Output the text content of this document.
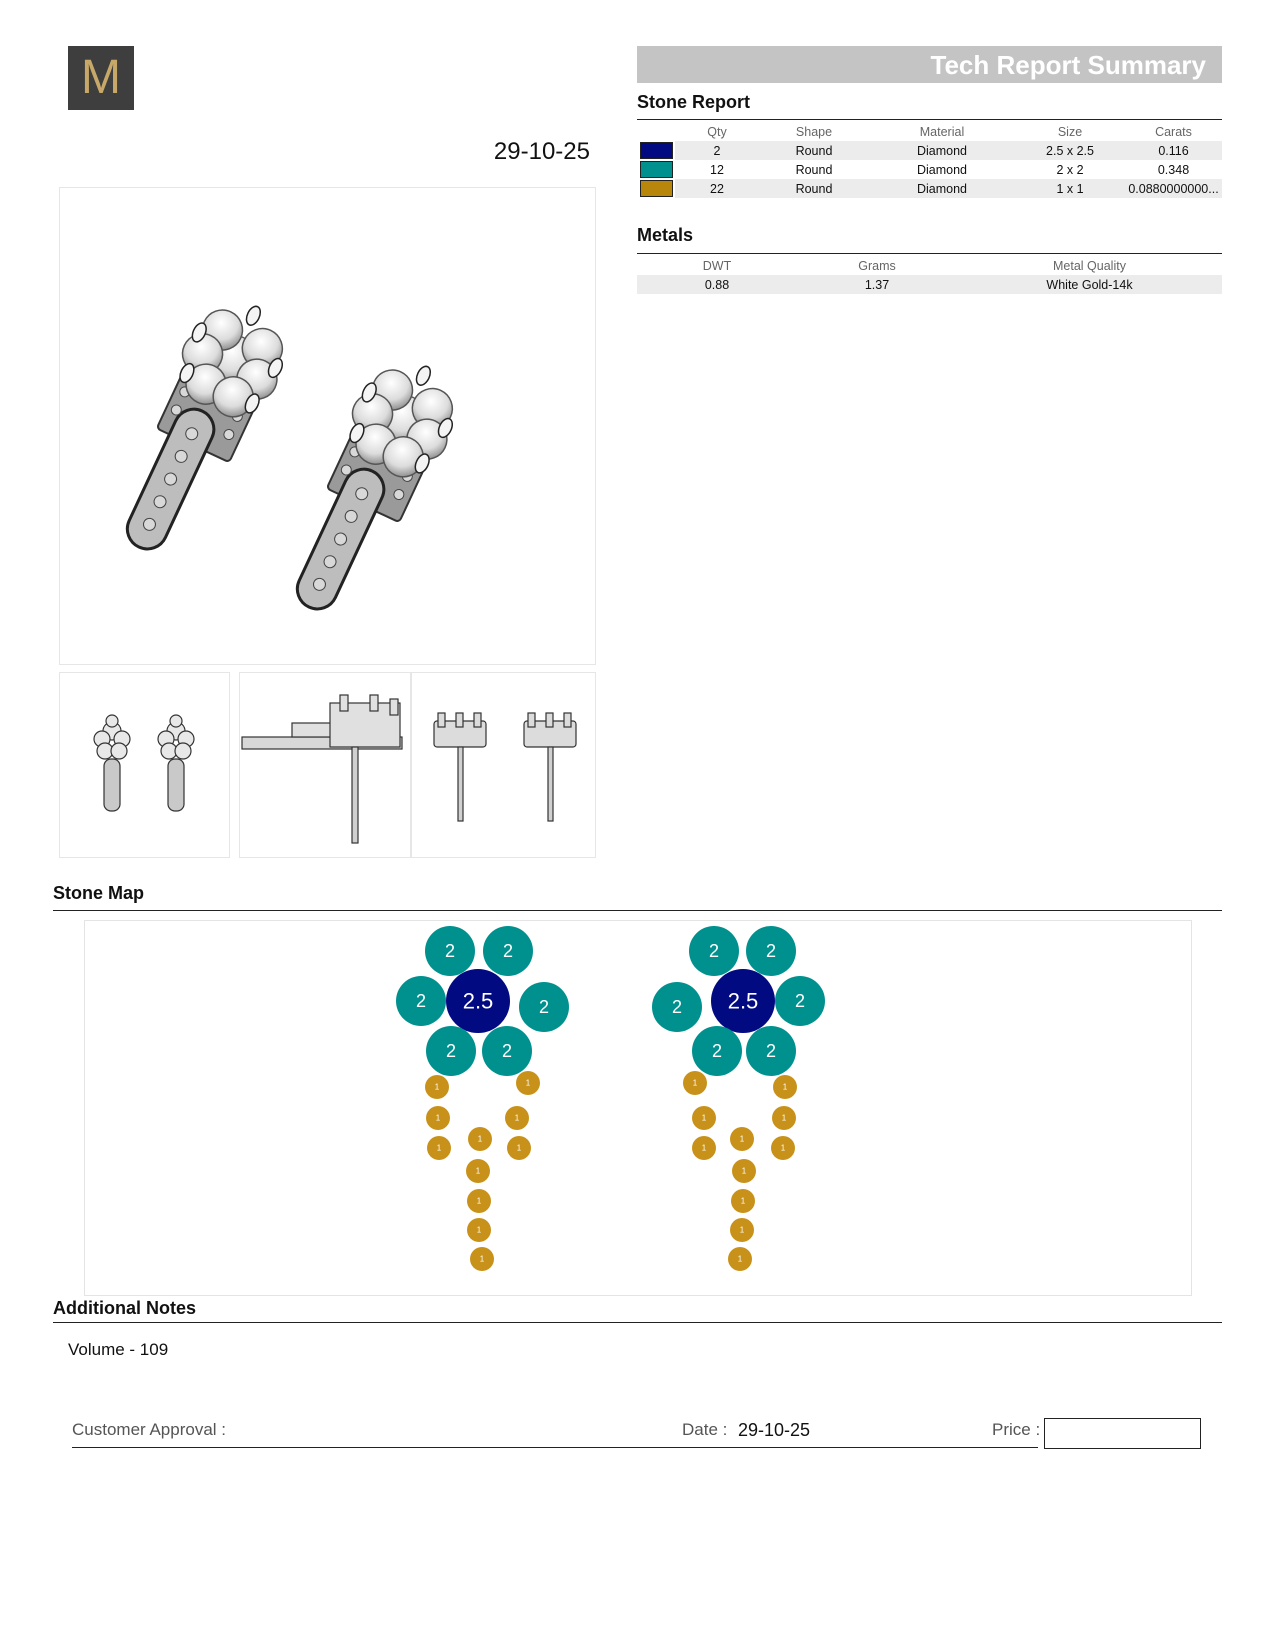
M
29-10-25
Tech Report Summary
Stone Report
	Qty	Shape	Material	Size	Carats
	2	Round	Diamond	2.5 x 2.5	0.116
	12	Round	Diamond	2 x 2	0.348
	22	Round	Diamond	1 x 1	0.0880000000...
Metals
DWT	Grams	Metal Quality
0.88	1.37	White Gold-14k
Stone Map
2	2
2 2.5	2
2	2
1	1
1	1
1	1
1
1
1
1
1
2	2
2 2.5 2
2 2
1	1
1	1
1	1
1
1
1
1
1
Additional Notes
Volume - 109
Customer Approval :	Date : 29-10-25	Price :
